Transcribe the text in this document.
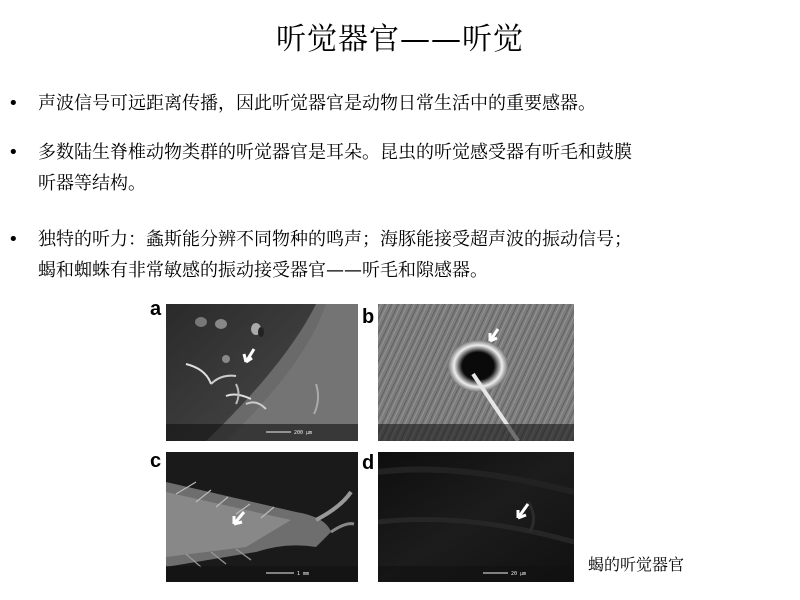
听觉器官——听觉
• 声波信号可远距离传播，因此听觉器官是动物日常生活中的重要感器。
• 多数陆生脊椎动物类群的听觉器官是耳朵。昆虫的听觉感受器有听毛和鼓膜
听器等结构。
• 独特的听力：螽斯能分辨不同物种的鸣声；海豚能接受超声波的振动信号；
蝎和蜘蛛有非常敏感的振动接受器官——听毛和隙感器。
a
200 µm
b
c
1 mm
d
20 µm	蝎的听觉器官
